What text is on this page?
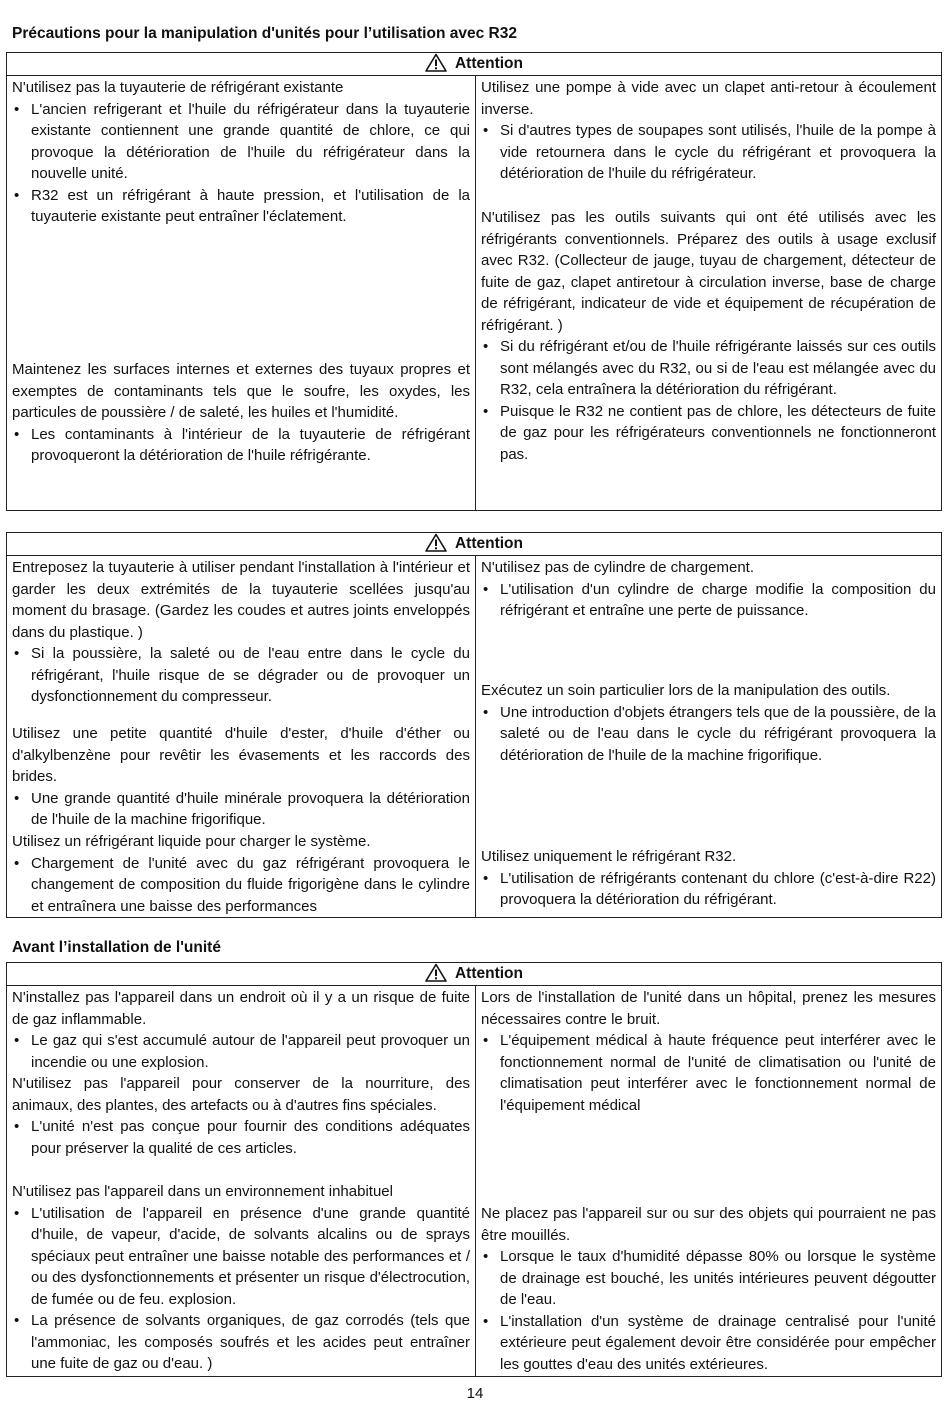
Précautions pour la manipulation d'unités pour l’utilisation avec R32
Attention

N'utilisez pas la tuyauterie de réfrigérant existante

• L'ancien refrigerant et l'huile du réfrigérateur dans la tuyauterie existante contiennent une grande quantité de chlore, ce qui provoque la détérioration de l'huile du réfrigérateur dans la nouvelle unité.
• R32 est un réfrigérant à haute pression, et l'utilisation de la tuyauterie existante peut entraîner l'éclatement.

Maintenez les surfaces internes et externes des tuyaux propres et exemptes de contaminants tels que le soufre, les oxydes, les particules de poussière / de saleté, les huiles et l'humidité.

• Les contaminants à l'intérieur de la tuyauterie de réfrigérant provoqueront la détérioration de l'huile réfrigérante.

Utilisez une pompe à vide avec un clapet anti-retour à écoulement inverse.

• Si d'autres types de soupapes sont utilisés, l'huile de la pompe à vide retournera dans le cycle du réfrigérant et provoquera la détérioration de l'huile du réfrigérateur.

N'utilisez pas les outils suivants qui ont été utilisés avec les réfrigérants conventionnels. Préparez des outils à usage exclusif avec R32. (Collecteur de jauge, tuyau de chargement, détecteur de fuite de gaz, clapet antiretour à circulation inverse, base de charge de réfrigérant, indicateur de vide et équipement de récupération de réfrigérant. )

• Si du réfrigérant et/ou de l'huile réfrigérante laissés sur ces outils sont mélangés avec du R32, ou si de l'eau est mélangée avec du R32, cela entraînera la détérioration du réfrigérant.
• Puisque le R32 ne contient pas de chlore, les détecteurs de fuite de gaz pour les réfrigérateurs conventionnels ne fonctionneront pas.
Attention

Entreposez la tuyauterie à utiliser pendant l'installation à l'intérieur et garder les deux extrémités de la tuyauterie scellées jusqu'au moment du brasage. (Gardez les coudes et autres joints enveloppés dans du plastique. )

• Si la poussière, la saleté ou de l'eau entre dans le cycle du réfrigérant, l'huile risque de se dégrader ou de provoquer un dysfonctionnement du compresseur.

Utilisez une petite quantité d'huile d'ester, d'huile d'éther ou d'alkylbenzène pour revêtir les évasements et les raccords des brides.

• Une grande quantité d'huile minérale provoquera la détérioration de l'huile de la machine frigorifique.

Utilisez un réfrigérant liquide pour charger le système.

• Chargement de l'unité avec du gaz réfrigérant provoquera le changement de composition du fluide frigorigène dans le cylindre et entraînera une baisse des performances

N'utilisez pas de cylindre de chargement.

• L'utilisation d'un cylindre de charge modifie la composition du réfrigérant et entraîne une perte de puissance.

Exécutez un soin particulier lors de la manipulation des outils.

• Une introduction d'objets étrangers tels que de la poussière, de la saleté ou de l'eau dans le cycle du réfrigérant provoquera la détérioration de l'huile de la machine frigorifique.

Utilisez uniquement le réfrigérant R32.

• L'utilisation de réfrigérants contenant du chlore (c'est-à-dire R22) provoquera la détérioration du réfrigérant.
Avant l’installation de l'unité
Attention

N'installez pas l'appareil dans un endroit où il y a un risque de fuite de gaz inflammable.

• Le gaz qui s'est accumulé autour de l'appareil peut provoquer un incendie ou une explosion.

N'utilisez pas l'appareil pour conserver de la nourriture, des animaux, des plantes, des artefacts ou à d'autres fins spéciales.

• L'unité n'est pas conçue pour fournir des conditions adéquates pour préserver la qualité de ces articles.

N'utilisez pas l'appareil dans un environnement inhabituel

• L'utilisation de l'appareil en présence d'une grande quantité d'huile, de vapeur, d'acide, de solvants alcalins ou de sprays spéciaux peut entraîner une baisse notable des performances et / ou des dysfonctionnements et présenter un risque d'électrocution, de fumée ou de feu. explosion.
• La présence de solvants organiques, de gaz corrodés (tels que l'ammoniac, les composés soufrés et les acides peut entraîner une fuite de gaz ou d'eau. )

Lors de l'installation de l'unité dans un hôpital, prenez les mesures nécessaires contre le bruit.

• L'équipement médical à haute fréquence peut interférer avec le fonctionnement normal de l'unité de climatisation ou l'unité de climatisation peut interférer avec le fonctionnement normal de l'équipement médical

Ne placez pas l'appareil sur ou sur des objets qui pourraient ne pas être mouillés.

• Lorsque le taux d'humidité dépasse 80% ou lorsque le système de drainage est bouché, les unités intérieures peuvent dégoutter de l'eau.
• L'installation d'un système de drainage centralisé pour l'unité extérieure peut également devoir être considérée pour empêcher les gouttes d'eau des unités extérieures.
14
